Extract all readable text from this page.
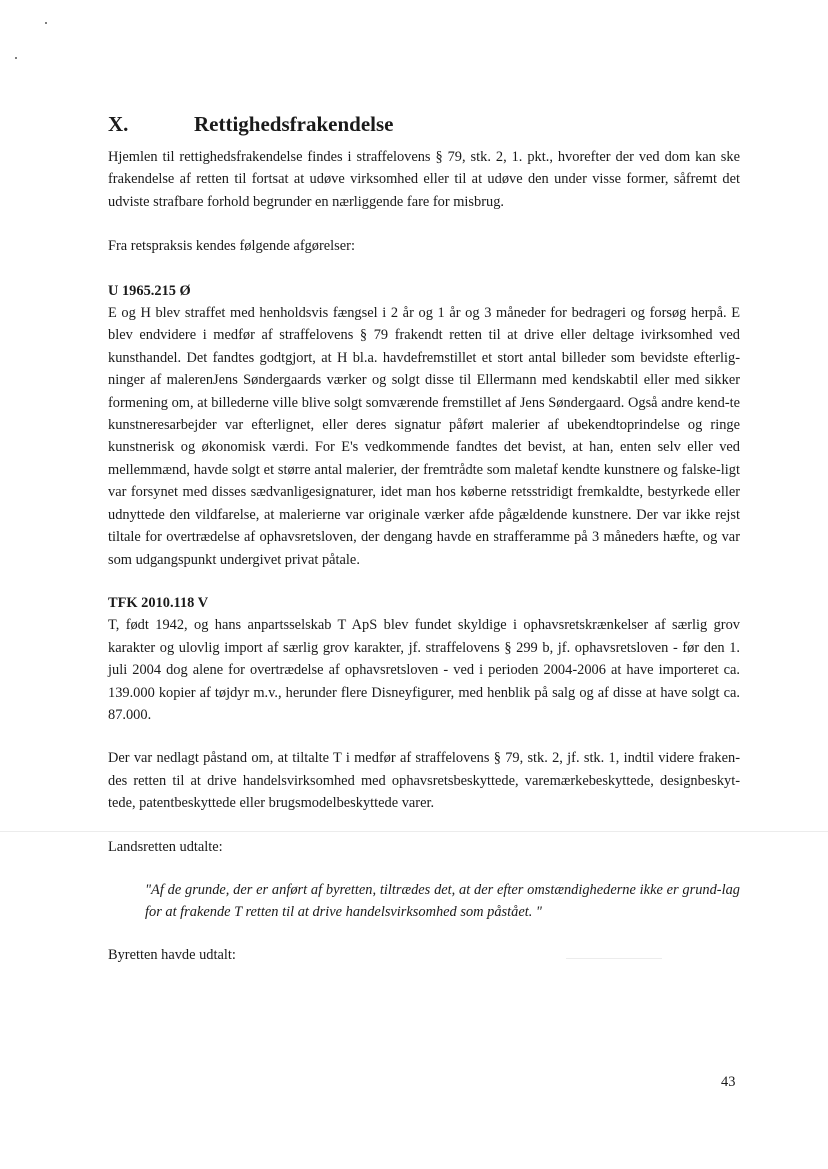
X.	Rettighedsfrakendelse

Hjemlen til rettighedsfrakendelse findes i straffelovens § 79, stk. 2, 1. pkt., hvorefter der ved dom kan ske frakendelse af retten til fortsat at udøve virksomhed eller til at udøve den under visse former, såfremt det udviste strafbare forhold begrunder en nærliggende fare for misbrug.

Fra retspraksis kendes følgende afgørelser:

U 1965.215 Ø

E og H blev straffet med henholdsvis fængsel i 2 år og 1 år og 3 måneder for bedrageri og forsøg herpå. E blev endvidere i medfør af straffelovens § 79 frakendt retten til at drive eller deltage ivirksomhed ved kunsthandel. Det fandtes godtgjort, at H bl.a. havdefremstillet et stort antal billeder som bevidste efterlig-ninger af malerenJens Søndergaards værker og solgt disse til Ellermann med kendskabtil eller med sikker formening om, at billederne ville blive solgt somværende fremstillet af Jens Søndergaard. Også andre kend-te kunstneresarbejder var efterlignet, eller deres signatur påført malerier af ubekendtoprindelse og ringe kunstnerisk og økonomisk værdi. For E's vedkommende fandtes det bevist, at han, enten selv eller ved mellemmænd, havde solgt et større antal malerier, der fremtrådte som maletaf kendte kunstnere og falske-ligt var forsynet med disses sædvanligesignaturer, idet man hos køberne retsstridigt fremkaldte, bestyrkede eller udnyttede den vildfarelse, at malerierne var originale værker afde pågældende kunstnere. Der var ikke rejst tiltale for overtrædelse af ophavsretsloven, der dengang havde en strafferamme på 3 måneders hæfte, og var som udgangspunkt undergivet privat påtale.

TFK 2010.118 V

T, født 1942, og hans anpartsselskab T ApS blev fundet skyldige i ophavsretskrænkelser af særlig grov karakter og ulovlig import af særlig grov karakter, jf. straffelovens § 299 b, jf. ophavsretsloven - før den 1. juli 2004 dog alene for overtrædelse af ophavsretsloven - ved i perioden 2004-2006 at have importeret ca. 139.000 kopier af tøjdyr m.v., herunder flere Disneyfigurer, med henblik på salg og af disse at have solgt ca. 87.000.

Der var nedlagt påstand om, at tiltalte T i medfør af straffelovens § 79, stk. 2, jf. stk. 1, indtil videre fraken-des retten til at drive handelsvirksomhed med ophavsretsbeskyttede, varemærkebeskyttede, designbeskyt-tede, patentbeskyttede eller brugsmodelbeskyttede varer.

Landsretten udtalte:

"Af de grunde, der er anført af byretten, tiltrædes det, at der efter omstændighederne ikke er grund-lag for at frakende T retten til at drive handelsvirksomhed som påstået. "

Byretten havde udtalt:

43
